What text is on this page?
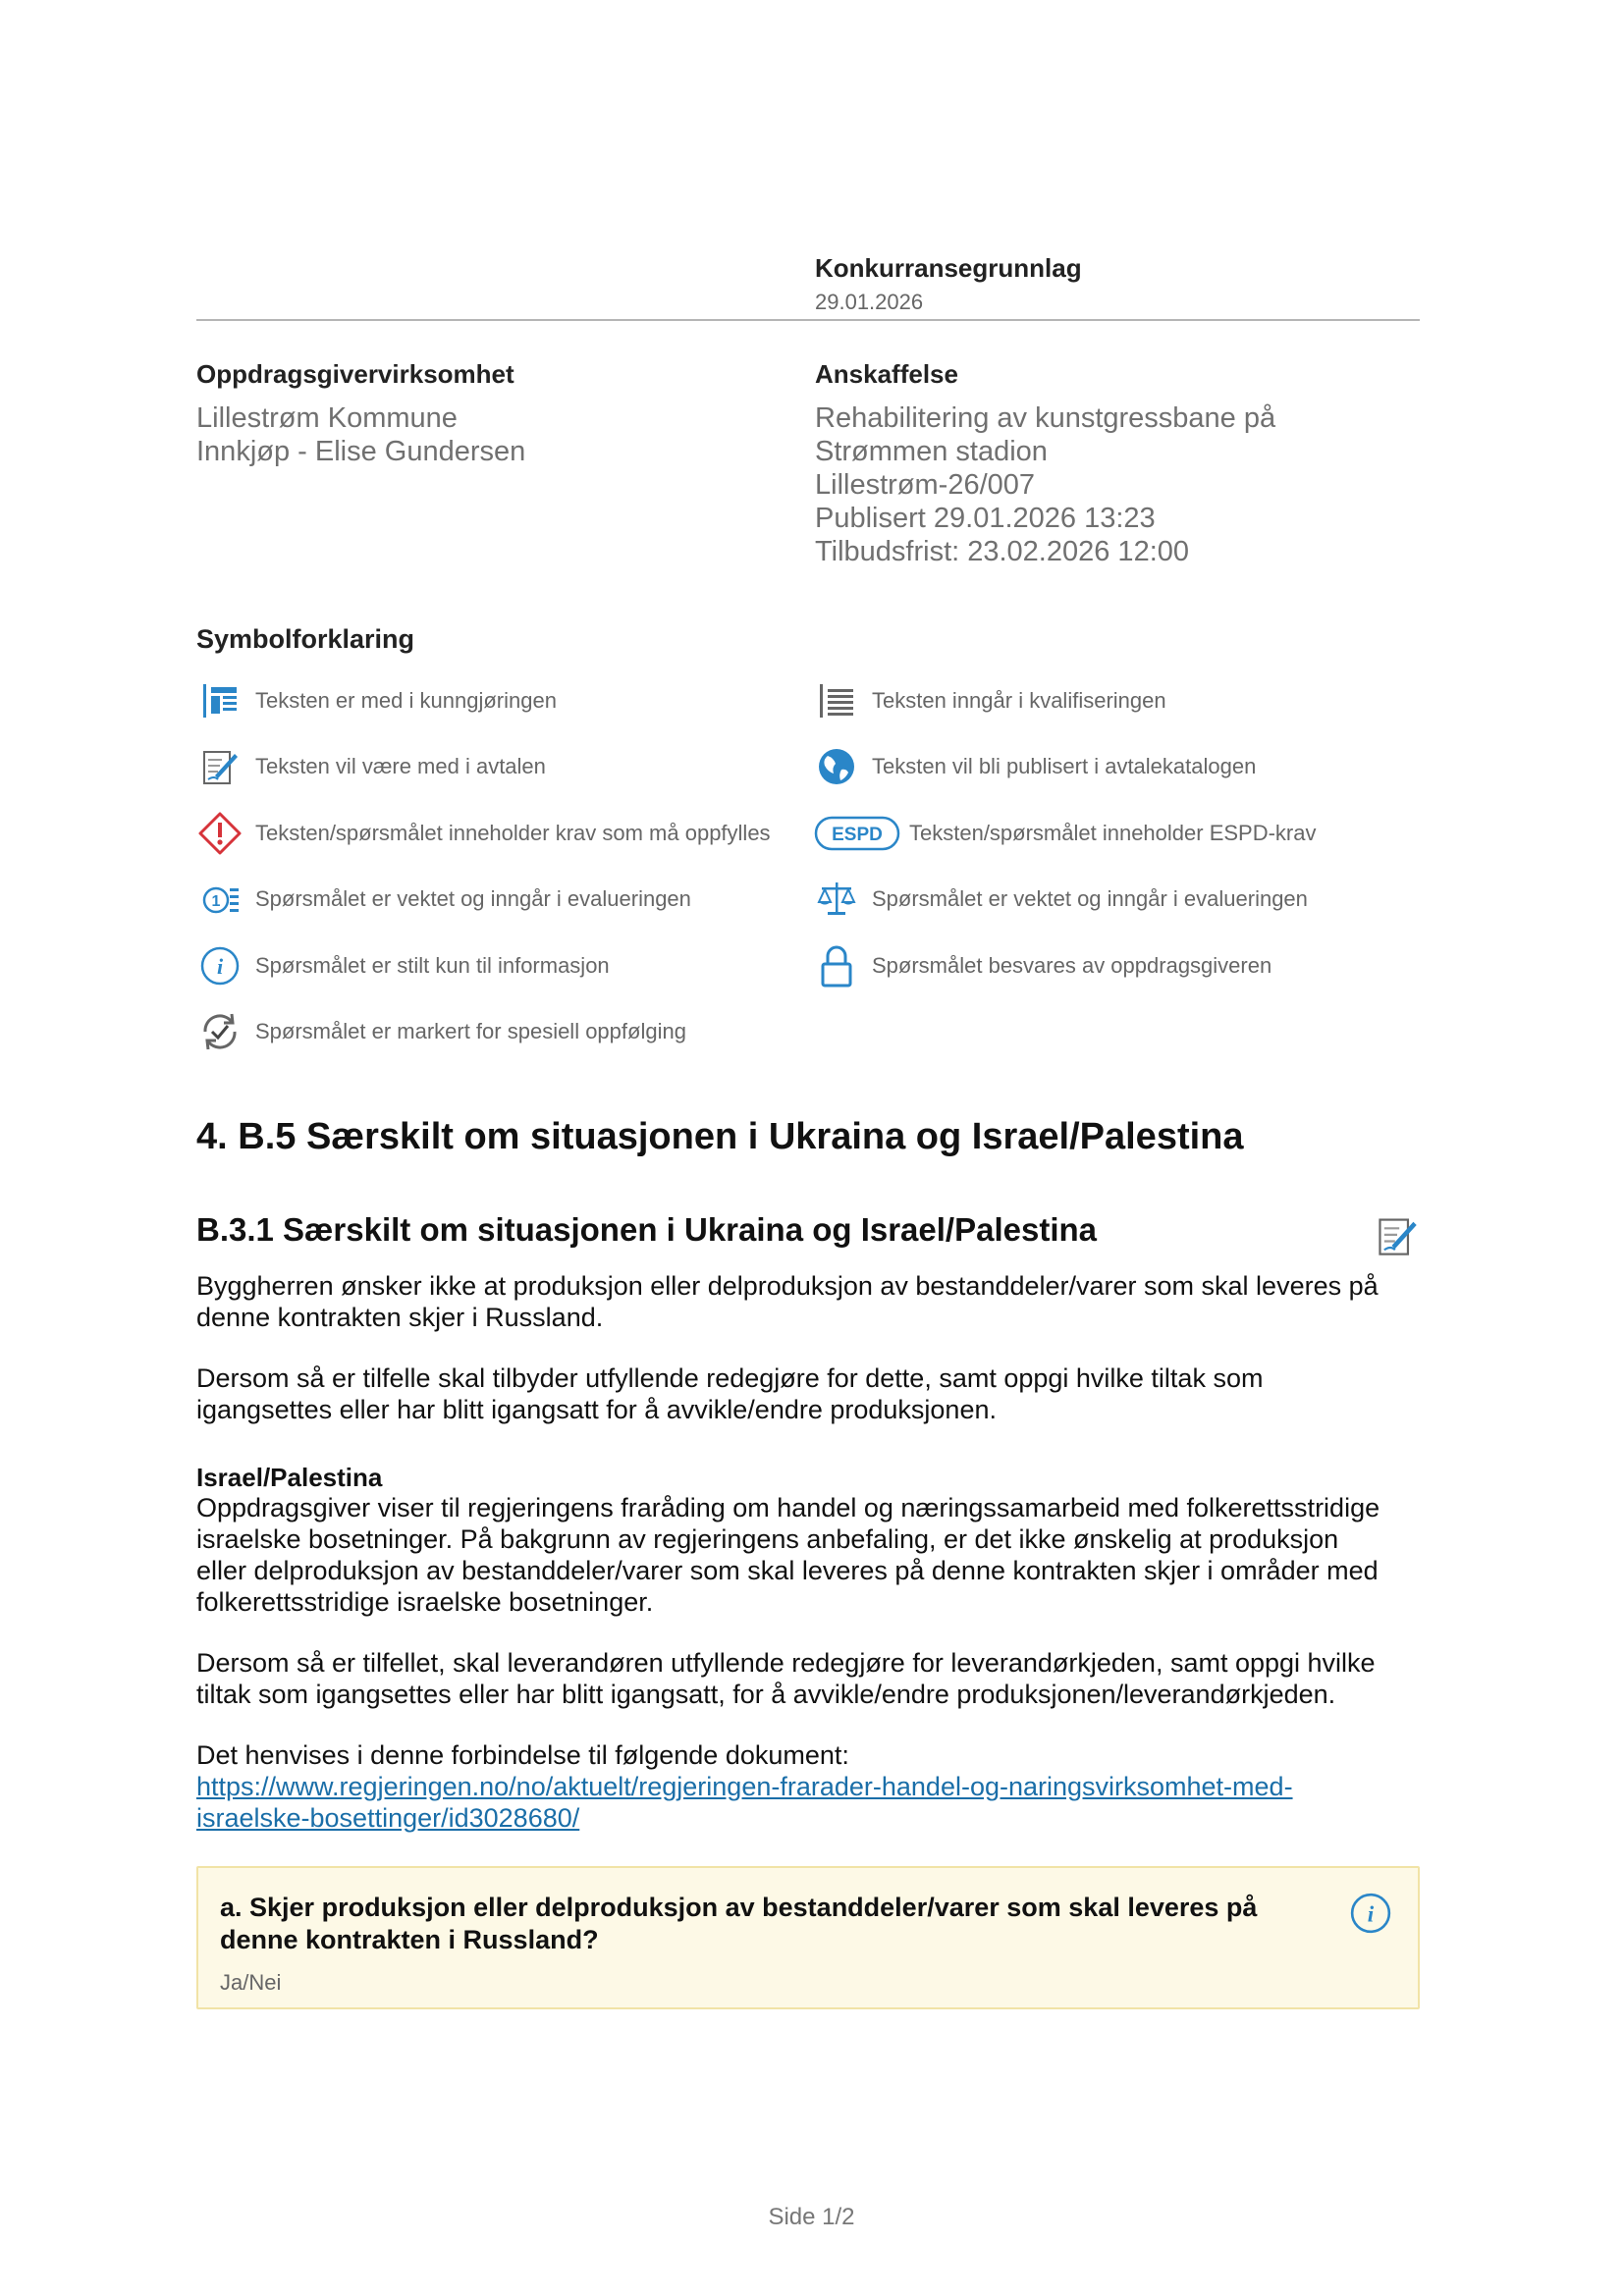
Konkurransegrunnlag
29.01.2026
Oppdragsgivervirksomhet
Lillestrøm Kommune
Innkjøp - Elise Gundersen
Anskaffelse
Rehabilitering av kunstgressbane på
Strømmen stadion
Lillestrøm-26/007
Publisert 29.01.2026 13:23
Tilbudsfrist: 23.02.2026 12:00
Symbolforklaring
Teksten er med i kunngjøringen
Teksten vil være med i avtalen
Teksten/spørsmålet inneholder krav som må oppfylles
1 Spørsmålet er vektet og inngår i evalueringen
i Spørsmålet er stilt kun til informasjon
Spørsmålet er markert for spesiell oppfølging
Teksten inngår i kvalifiseringen
Teksten vil bli publisert i avtalekatalogen
ESPD Teksten/spørsmålet inneholder ESPD-krav
Spørsmålet er vektet og inngår i evalueringen
Spørsmålet besvares av oppdragsgiveren
4. B.5 Særskilt om situasjonen i Ukraina og Israel/Palestina
B.3.1 Særskilt om situasjonen i Ukraina og Israel/Palestina
Byggherren ønsker ikke at produksjon eller delproduksjon av bestanddeler/varer som skal leveres på
denne kontrakten skjer i Russland.
Dersom så er tilfelle skal tilbyder utfyllende redegjøre for dette, samt oppgi hvilke tiltak som
igangsettes eller har blitt igangsatt for å avvikle/endre produksjonen.
Israel/Palestina
Oppdragsgiver viser til regjeringens fraråding om handel og næringssamarbeid med folkerettsstridige
israelske bosetninger. På bakgrunn av regjeringens anbefaling, er det ikke ønskelig at produksjon
eller delproduksjon av bestanddeler/varer som skal leveres på denne kontrakten skjer i områder med
folkerettsstridige israelske bosetninger.
Dersom så er tilfellet, skal leverandøren utfyllende redegjøre for leverandørkjeden, samt oppgi hvilke
tiltak som igangsettes eller har blitt igangsatt, for å avvikle/endre produksjonen/leverandørkjeden.
Det henvises i denne forbindelse til følgende dokument:
https://www.regjeringen.no/no/aktuelt/regjeringen-frarader-handel-og-naringsvirksomhet-med-
israelske-bosettinger/id3028680/
a. Skjer produksjon eller delproduksjon av bestanddeler/varer som skal leveres på
denne kontrakten i Russland?
Ja/Nei
i
Side 1/2
